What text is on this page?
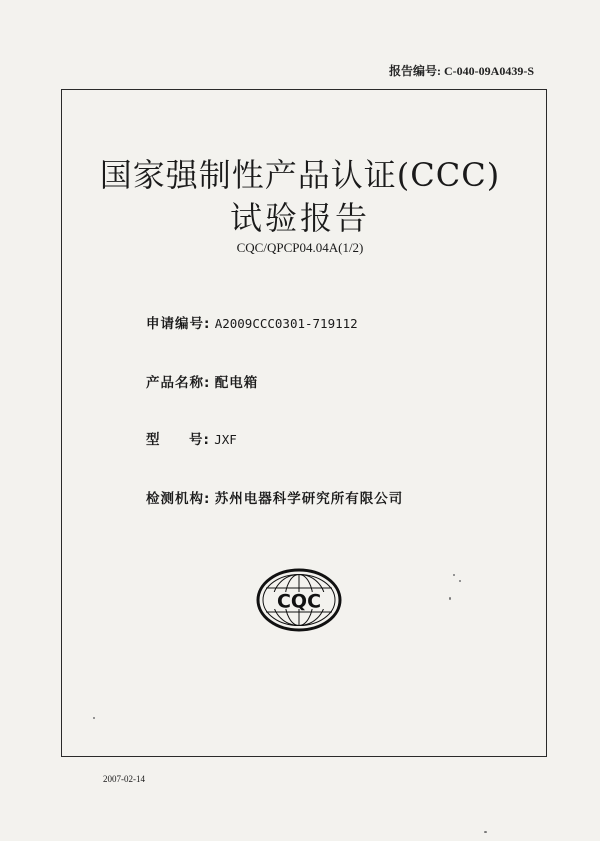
报告编号: C-040-09A0439-S
国家强制性产品认证(CCC)
试验报告
CQC/QPCP04.04A(1/2)
申请编号: A2009CCC0301-719112
产品名称: 配电箱
型     号: JXF
检测机构: 苏州电器科学研究所有限公司
CQC
2007-02-14
